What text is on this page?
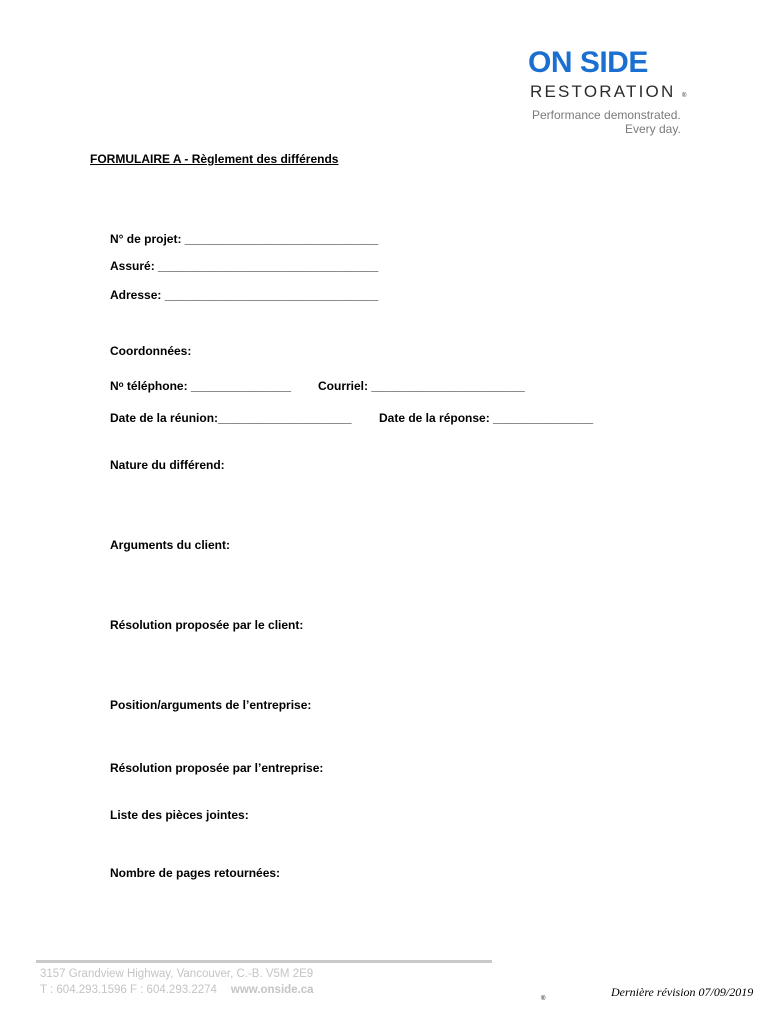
ON SIDE
RESTORATION ®
Performance demonstrated.
Every day.
FORMULAIRE A - Règlement des différends
N° de projet: _____________________________
Assuré: _________________________________
Adresse: ________________________________
Coordonnées:
Nᵒ téléphone: _______________ Courriel: _______________________
Date de la réunion:____________________ Date de la réponse: _______________
Nature du différend:
Arguments du client:
Résolution proposée par le client:
Position/arguments de l’entreprise:
Résolution proposée par l’entreprise:
Liste des pièces jointes:
Nombre de pages retournées:
3157 Grandview Highway, Vancouver, C.-B. V5M 2E9
T : 604.293.1596 F : 604.293.2274 www.onside.ca	Dernière révision 07/09/2019
®
